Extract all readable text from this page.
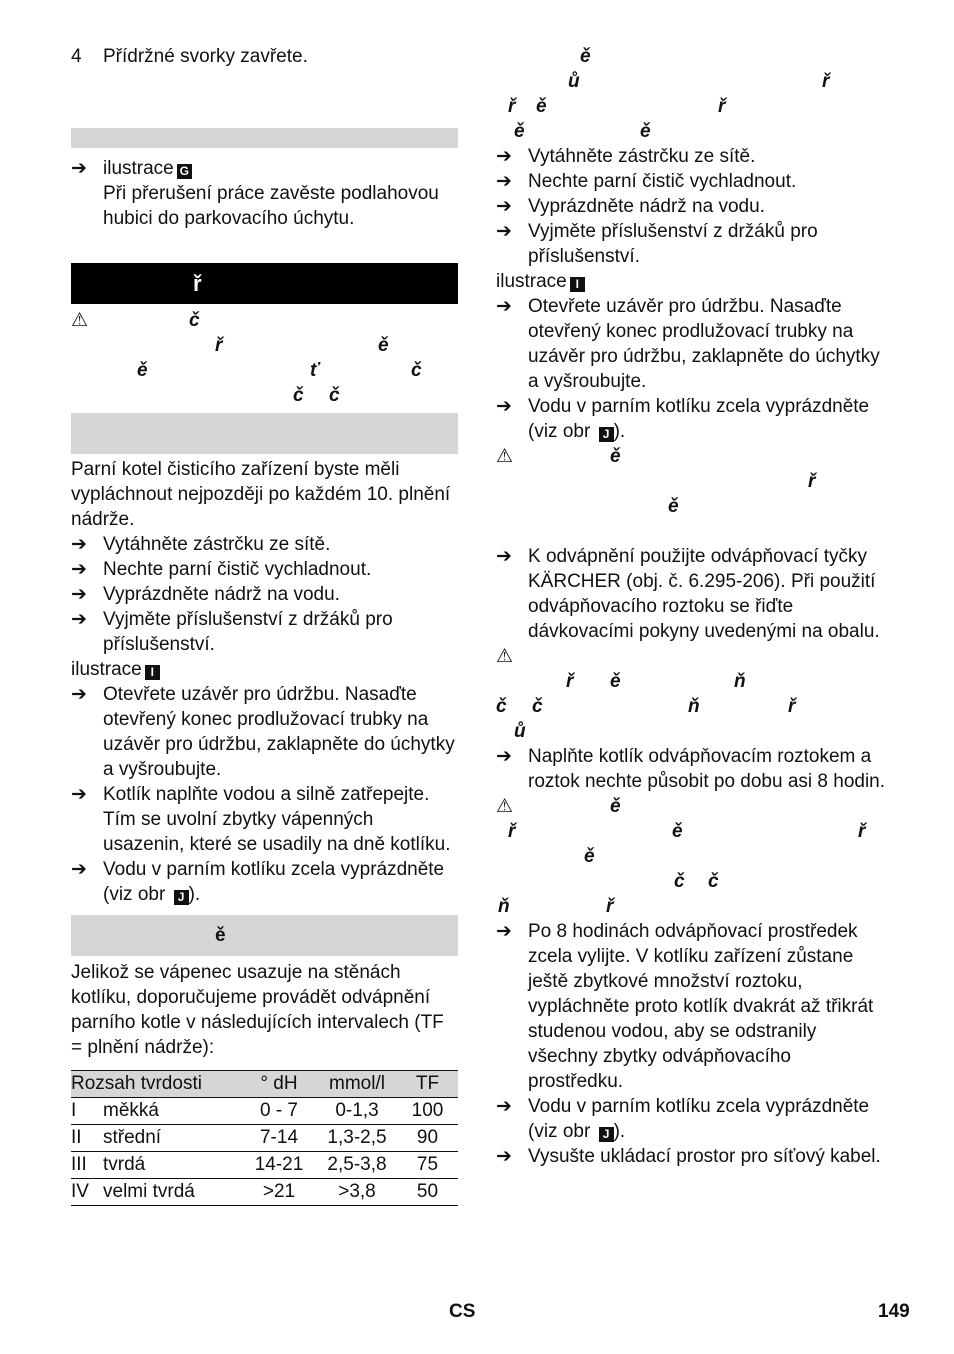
4	Přídržné svorky zavřete.
➔ ilustrace G

Při přerušení práce zavěste podlahovou hubici do parkovacího úchytu.

ř
⚠	č
ř	ě
ě	ť	č
č č

Parní kotel čisticího zařízení byste měli vypláchnout nejpozději po každém 10. plnění nádrže.

➔ Vytáhněte zástrčku ze sítě.
➔ Nechte parní čistič vychladnout.
➔ Vyprázdněte nádrž na vodu.
➔ Vyjměte příslušenství z držáků pro příslušenství.

ilustrace I

➔ Otevřete uzávěr pro údržbu. Nasaďte otevřený konec prodlužovací trubky na uzávěr pro údržbu, zaklapněte do úchytky a vyšroubujte.
➔ Kotlík naplňte vodou a silně zatřepejte. Tím se uvolní zbytky vápenných usazenin, které se usadily na dně kotlíku.
➔ Vodu v parním kotlíku zcela vyprázdněte (viz obr J ).
ě

Jelikož se vápenec usazuje na stěnách kotlíku, doporučujeme provádět odvápnění parního kotle v následujících intervalech (TF = plnění nádrže):

Rozsah tvrdosti		° dH	mmol/l	TF
I	měkká	0 - 7	0-1,3	100
II	střední	7-14	1,3-2,5	90
III	tvrdá	14-21	2,5-3,8	75
IV	velmi tvrdá	>21	>3,8	50
ě
ů	ř
ř ě	ř
ě	ě
➔ Vytáhněte zástrčku ze sítě.
➔ Nechte parní čistič vychladnout.
➔ Vyprázdněte nádrž na vodu.
➔ Vyjměte příslušenství z držáků pro příslušenství.

ilustrace I

➔ Otevřete uzávěr pro údržbu. Nasaďte otevřený konec prodlužovací trubky na uzávěr pro údržbu, zaklapněte do úchytky a vyšroubujte.
➔ Vodu v parním kotlíku zcela vyprázdněte (viz obr J ).
⚠	ě
ř
ě
➔ K odvápnění použijte odvápňovací tyčky KÄRCHER (obj. č. 6.295-206). Při použití odvápňovacího roztoku se řiďte dávkovacími pokyny uvedenými na obalu.
⚠
ř ě	ň
č č	ň	ř
ů
➔ Naplňte kotlík odvápňovacím roztokem a roztok nechte působit po dobu asi 8 hodin.
⚠	ě
ř	ě	ř
ě
č č
ň	ř
➔ Po 8 hodinách odvápňovací prostředek zcela vylijte. V kotlíku zařízení zůstane ještě zbytkové množství roztoku, vypláchněte proto kotlík dvakrát až třikrát studenou vodou, aby se odstranily všechny zbytky odvápňovacího prostředku.
➔ Vodu v parním kotlíku zcela vyprázdněte (viz obr J ).
➔ Vysušte ukládací prostor pro síťový kabel.
CS	149
